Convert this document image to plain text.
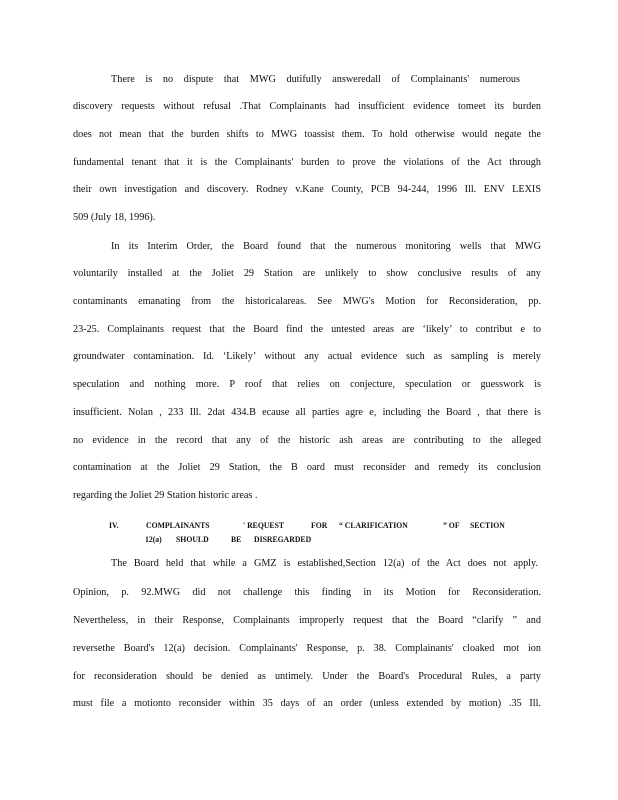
There is no dispute that MWG dutifully answeredall of Complainants' numerous
discovery requests without refusal .That Complainants had insufficient evidence tomeet its burden
does not mean that the burden shifts to MWG toassist them. To hold otherwise would negate the
fundamental tenant that it is the Complainants' burden to prove the violations of the Act through
their own investigation and discovery. Rodney v.Kane County, PCB 94-244, 1996 Ill. ENV LEXIS
509 (July 18, 1996).
In its Interim Order, the Board found that the numerous monitoring wells that MWG
voluntarily installed at the Joliet 29 Station are unlikely to show conclusive results of any
contaminants emanating from the historicalareas. See MWG's Motion for Reconsideration, pp.
23-25. Complainants request that the Board find the untested areas are ‘likely’ to contribut e to
groundwater contamination. Id. ‘Likely’ without any actual evidence such as sampling is merely
speculation and nothing more. P roof that relies on conjecture, speculation or guesswork is
insufficient. Nolan , 233 Ill. 2dat 434.B ecause all parties agre e, including the Board , that there is
no evidence in the record that any of the historic ash areas are contributing to the alleged
contamination at the Joliet 29 Station, the B oard must reconsider and remedy its conclusion
regarding the Joliet 29 Station historic areas .
IV.	COMPLAINANTS	' REQUEST	FOR “ CLARIFICATION	” OF SECTION
12(a) SHOULD	BE DISREGARDED
The Board held that while a GMZ is established,Section 12(a) of the Act does not apply.
Opinion, p. 92.MWG did not challenge this finding in its Motion for Reconsideration.
Nevertheless, in their Response, Complainants improperly request that the Board “clarify ” and
reversethe Board's 12(a) decision. Complainants' Response, p. 38. Complainants' cloaked mot ion
for reconsideration should be denied as untimely. Under the Board's Procedural Rules, a party
must file a motionto reconsider within 35 days of an order (unless extended by motion) .35 Ill.
